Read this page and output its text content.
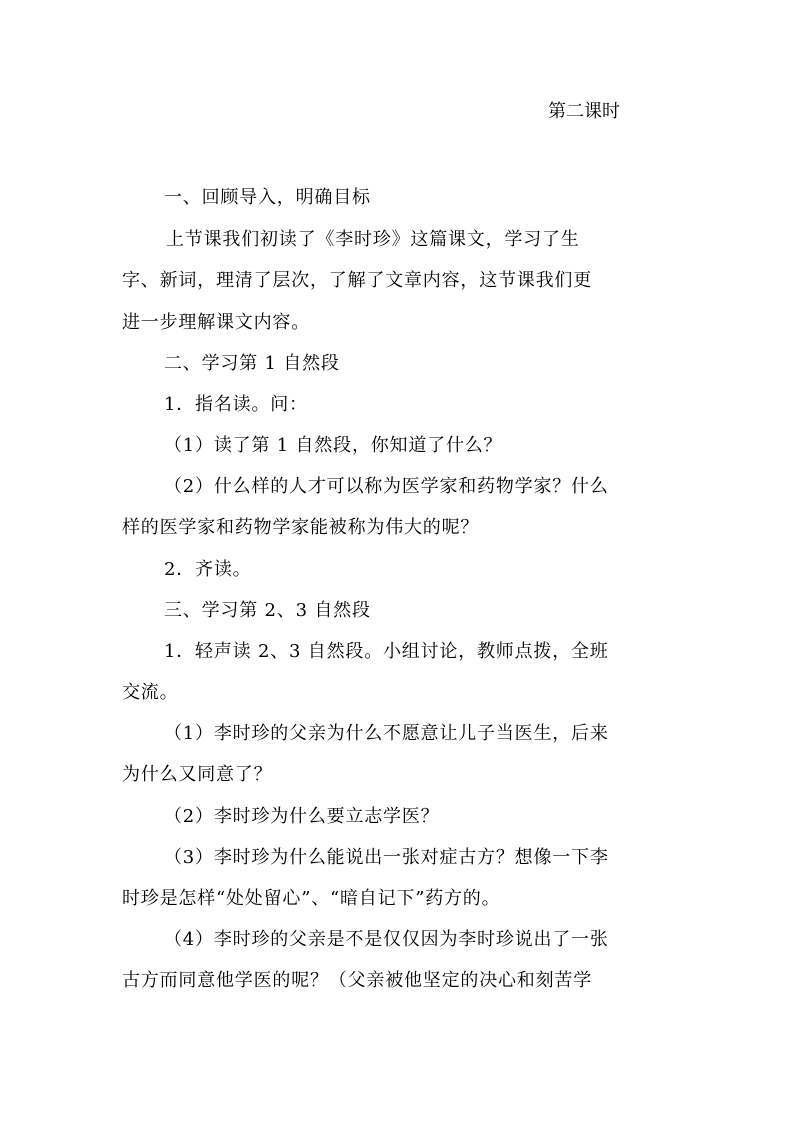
第二课时
一、回顾导入，明确目标
上节课我们初读了《李时珍》这篇课文，学习了生
字、新词，理清了层次，了解了文章内容，这节课我们更
进一步理解课文内容。
二、学习第 1 自然段
1．指名读。问：
（1）读了第 1 自然段，你知道了什么？
（2）什么样的人才可以称为医学家和药物学家？什么
样的医学家和药物学家能被称为伟大的呢？
2．齐读。
三、学习第 2、3 自然段
1．轻声读 2、3 自然段。小组讨论，教师点拨，全班
交流。
（1）李时珍的父亲为什么不愿意让儿子当医生，后来
为什么又同意了？
（2）李时珍为什么要立志学医？
（3）李时珍为什么能说出一张对症古方？想像一下李
时珍是怎样“处处留心”、“暗自记下”药方的。
（4）李时珍的父亲是不是仅仅因为李时珍说出了一张
古方而同意他学医的呢？（父亲被他坚定的决心和刻苦学
